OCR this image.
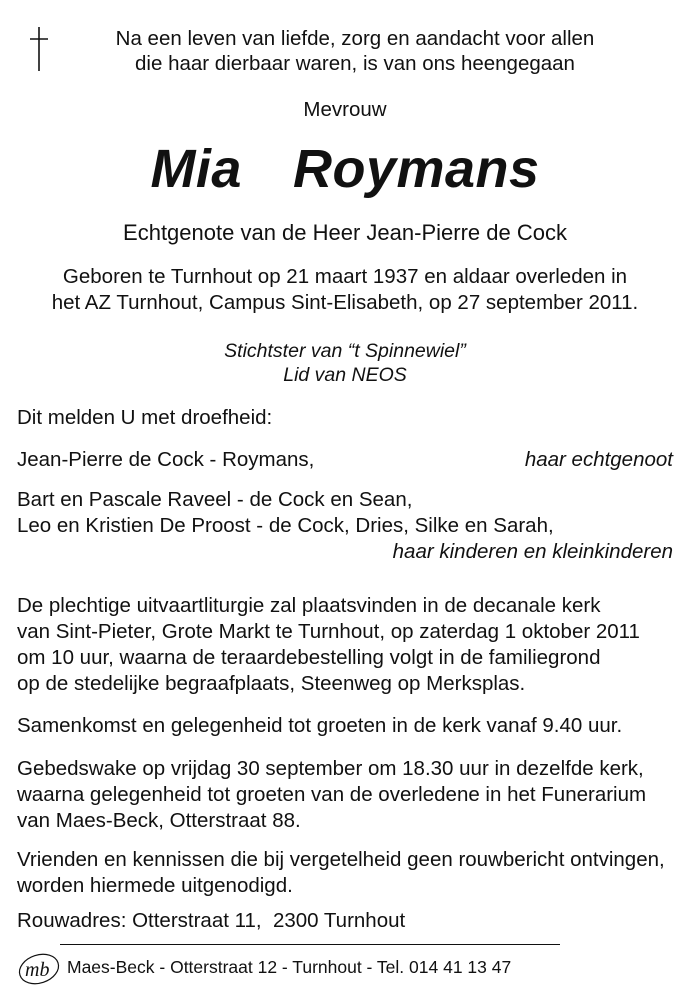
Na een leven van liefde, zorg en aandacht voor allen
die haar dierbaar waren, is van ons heengegaan
Mevrouw
Mia  Roymans
Echtgenote van de Heer Jean-Pierre de Cock
Geboren te Turnhout op 21 maart 1937 en aldaar overleden in
het AZ Turnhout, Campus Sint-Elisabeth, op 27 september 2011.
Stichtster van “t Spinnewiel”
Lid van NEOS
Dit melden U met droefheid:
Jean-Pierre de Cock - Roymans,	haar echtgenoot
Bart en Pascale Raveel - de Cock en Sean,
Leo en Kristien De Proost - de Cock, Dries, Silke en Sarah,
haar kinderen en kleinkinderen
De plechtige uitvaartliturgie zal plaatsvinden in de decanale kerk
van Sint-Pieter, Grote Markt te Turnhout, op zaterdag 1 oktober 2011
om 10 uur, waarna de teraardebestelling volgt in de familiegrond
op de stedelijke begraafplaats, Steenweg op Merksplas.
Samenkomst en gelegenheid tot groeten in de kerk vanaf 9.40 uur.
Gebedswake op vrijdag 30 september om 18.30 uur in dezelfde kerk,
waarna gelegenheid tot groeten van de overledene in het Funerarium
van Maes-Beck, Otterstraat 88.
Vrienden en kennissen die bij vergetelheid geen rouwbericht ontvingen,
worden hiermede uitgenodigd.
Rouwadres: Otterstraat 11,  2300 Turnhout
mb Maes-Beck - Otterstraat 12 - Turnhout - Tel. 014 41 13 47
